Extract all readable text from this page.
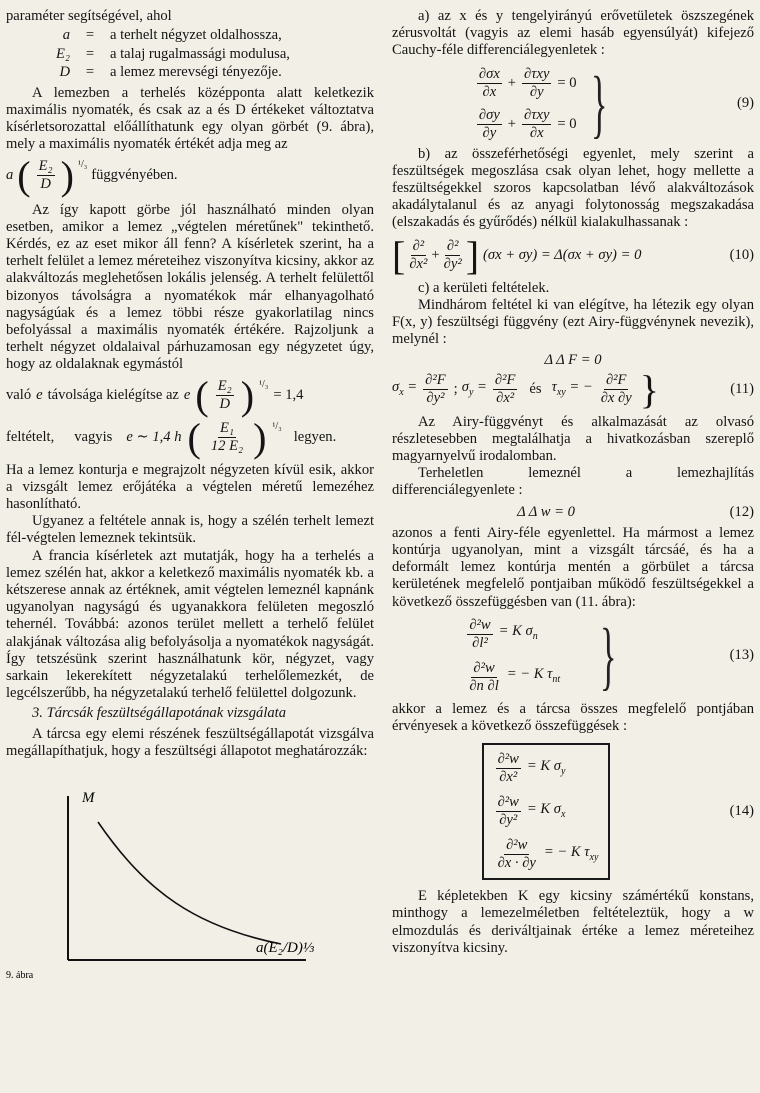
paraméter segítségével, ahol

a	=	a terhelt négyzet oldalhossza,
E₂	=	a talaj rugalmassági modulusa,
D	=	a lemez merevségi tényezője.

A lemezben a terhelés középponta alatt keletkezik maximális nyomaték, és csak az a és D értékeket változtatva kísérletsorozattal előállíthatunk egy olyan görbét (9. ábra), mely a maximális nyomaték értékét adja meg az

a ( $\frac{\text{E₂}}{D}$ ) $^{^1/_3}$
függvényében.

Az így kapott görbe jól használható minden olyan esetben, amikor a lemez „végtelen méretűnek" tekinthető. Kérdés, ez az eset mikor áll fenn? A kísérletek szerint, ha a terhelt felület a lemez méreteihez viszonyítva kicsiny, akkor az alakváltozás meglehetősen lokális jelenség. A terhelt felülettől bizonyos távolságra a nyomatékok már elhanyagolható nagyságúak és a lemez többi része gyakorlatilag nincs befolyással a maximális nyomaték értékére. Rajzoljunk a terhelt négyzet oldalaival párhuzamosan egy négyzetet úgy, hogy az oldalaknak egymástól

való e távolsága kielégítse az e ( $\frac{\text{E₂}}{D}$ ) $^{^1/_3}$
= 1,4
feltételt, vagyis e ∼ 1,4 h ( $\frac{\text{E₁}}{\text{12 E₂}}$ ) $^{^1/_3}$
legyen.

Ha a lemez konturja e megrajzolt négyzeten kívül esik, akkor a vizsgált lemez erőjátéka a végtelen méretű lemezéhez hasonlítható.

Ugyanez a feltétele annak is, hogy a szélén terhelt lemezt fél-végtelen lemeznek tekintsük.

A francia kísérletek azt mutatják, hogy ha a terhelés a lemez szélén hat, akkor a keletkező maximális nyomaték kb. a kétszerese annak az értéknek, amit végtelen lemeznél kapnánk ugyanolyan nagyságú és ugyanakkora felületen megoszló tehernél. Továbbá: azonos terület mellett a terhelő felület alakjának változása alig befolyásolja a nyomatékok nagyságát. Így tetszésünk szerint használhatunk kör, négyzet, vagy sarkain lekerekített négyzetalakú terhelőlemezkét, de legcélszerűbb, ha négyzetalakú terhelő felülettel dolgozunk.

3. Tárcsák feszültségállapotának vizsgálata

A tárcsa egy elemi részének feszültségállapotát vizsgálva megállapíthatjuk, hogy a feszültségi állapotot meghatározzák:

M
a(E₂/D)⅓
9. ábra

a) az x és y tengelyirányú erővetületek öszszegének zérusvoltát (vagyis az elemi hasáb egyensúlyát) kifejező Cauchy-féle differenciálegyenletek :

$\frac{\partial\sigma x}{\partial x} + \frac{\text{∂τxy}}{\partial y} = 0$
$\frac{\partial\sigma y}{\partial y} + \frac{\text{∂τxy}}{\partial x} = 0$ }	(9)

b) az összeférhetőségi egyenlet, mely szerint a feszültségek megoszlása csak olyan lehet, hogy mellette a feszültségekkel szoros kapcsolatban lévő alakváltozások akadálytalanul és az anyagi folytonosság megszakadása (elszakadás és gyűrődés) nélkül kialakulhassanak :

[ $\frac{\text{∂²}}{\text{∂x²}} + \frac{\text{∂²}}{\text{∂y²}}$ ] (σx + σy) = Δ(σx + σy) = 0	(10)

c) a kerületi feltételek.

Mindhárom feltétel ki van elégítve, ha létezik egy olyan F(x, y) feszültségi függvény (ezt Airy-függvénynek nevezik), melynél :

Δ Δ F = 0
$\sigma_x = \frac{\text{∂²F}}{\text{∂y²}}$ ; $\sigma_y = \frac{\text{∂²F}}{\text{∂x²}}$ és $\tau_{xy}$ = − $\frac{\text{∂²F}}{\partial x \partial y}$ }	(11)

Az Airy-függvényt és alkalmazását az olvasó részletesebben megtalálhatja a hivatkozásban szereplő magyarnyelvű irodalomban.

Terheletlen lemeznél a lemezhajlítás differenciálegyenlete :

Δ Δ w = 0	(12)

azonos a fenti Airy-féle egyenlettel. Ha mármost a lemez kontúrja ugyanolyan, mint a vizsgált tárcsáé, és ha a deformált lemez kontúrja mentén a görbület a tárcsa kerületének megfelelő pontjaiban működő feszültségekkel a következő összefüggésben van (11. ábra):

$\frac{\text{∂²w}}{\text{∂l²}} = K$ $\sigma_n$
$\frac{\text{∂²w}}{\partial n \partial l}$ = − K $\tau_{nt}$ }	(13)

akkor a lemez és a tárcsa összes megfelelő pontjában érvényesek a következő összefüggések :

$\frac{\text{∂²w}}{\text{∂x²}} = K$ $\sigma_y$
$\frac{\text{∂²w}}{\text{∂y²}} = K$ $\sigma_x$
$\frac{\text{∂²w}}{\partial x \cdot \partial y}$ = − K $\tau_{xy}$
(14)

E képletekben K egy kicsiny számértékű konstans, minthogy a lemezelméletben feltételeztük, hogy a w elmozdulás és deriváltjainak értéke a lemez méreteihez viszonyítva kicsiny.
